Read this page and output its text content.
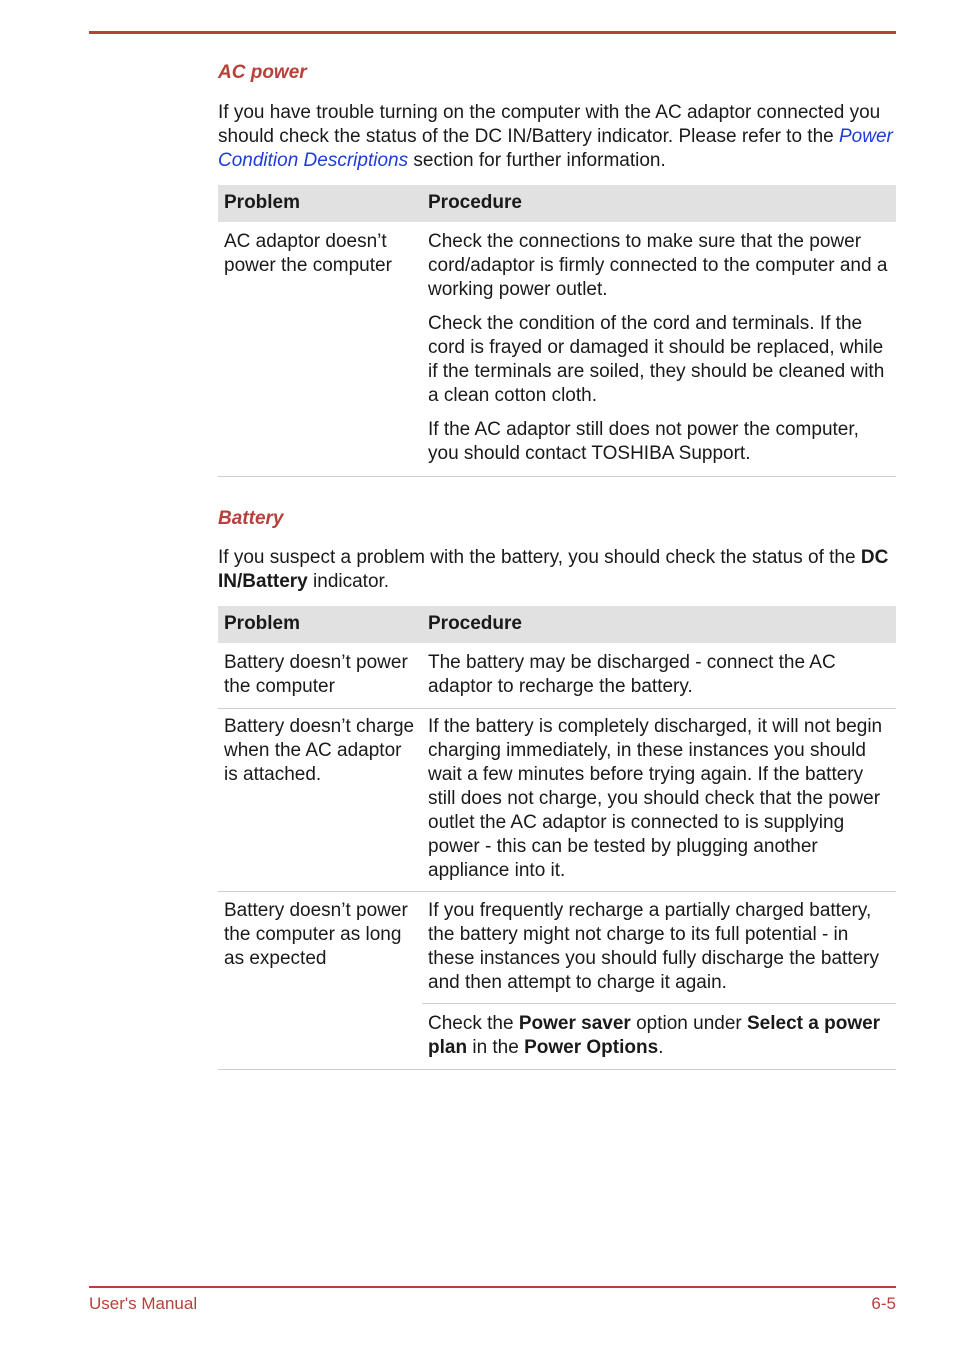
AC power

If you have trouble turning on the computer with the AC adaptor connected you should check the status of the DC IN/Battery indicator. Please refer to the Power Condition Descriptions section for further information.

Problem	Procedure
AC adaptor doesn’t power the computer	Check the connections to make sure that the power cord/adaptor is firmly connected to the computer and a working power outlet.
Check the condition of the cord and terminals. If the cord is frayed or damaged it should be replaced, while if the terminals are soiled, they should be cleaned with a clean cotton cloth.
If the AC adaptor still does not power the computer, you should contact TOSHIBA Support.
Battery

If you suspect a problem with the battery, you should check the status of the DC IN/Battery indicator.

Problem	Procedure
Battery doesn’t power the computer	The battery may be discharged - connect the AC adaptor to recharge the battery.
Battery doesn’t charge when the AC adaptor is attached.	If the battery is completely discharged, it will not begin charging immediately, in these instances you should wait a few minutes before trying again. If the battery still does not charge, you should check that the power outlet the AC adaptor is connected to is supplying power - this can be tested by plugging another appliance into it.
Battery doesn’t power the computer as long as expected	If you frequently recharge a partially charged battery, the battery might not charge to its full potential - in these instances you should fully discharge the battery and then attempt to charge it again.
Check the Power saver option under Select a power plan in the Power Options.
User's Manual	6-5
